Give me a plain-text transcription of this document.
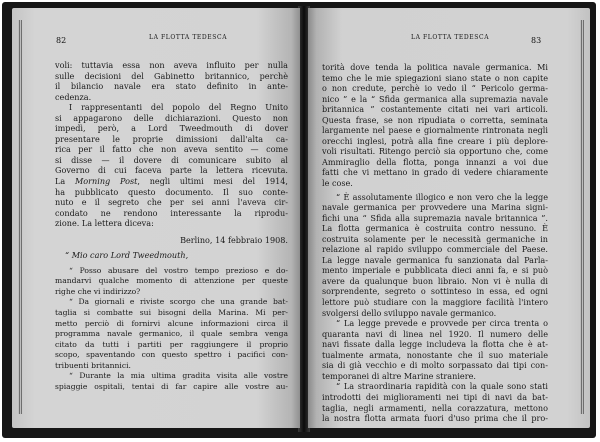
82	LA FLOTTA TEDESCA

voli: tuttavia essa non aveva influito per nulla

sulle decisioni del Gabinetto britannico, perchè

il bilancio navale era stato definito in ante-

cedenza.

I rappresentanti del popolo del Regno Unito

si appagarono delle dichiarazioni. Questo non

impedì, però, a Lord Tweedmouth di dover

presentare le proprie dimissioni dall'alta ca-

rica per il fatto che non aveva sentito — come

si disse — il dovere di comunicare subito al

Governo di cui faceva parte la lettera ricevuta.

La Morning Post, negli ultimi mesi del 1914,

ha pubblicato questo documento. Il suo conte-

nuto e il segreto che per sei anni l'aveva cir-

condato ne rendono interessante la riprodu-

zione. La lettera diceva:

Berlino, 14 febbraio 1908.

“ Mio caro Lord Tweedmouth,

“ Posso abusare del vostro tempo prezioso e do-

mandarvi qualche momento di attenzione per queste

righe che vi indirizzo?

“ Da giornali e riviste scorgo che una grande bat-

taglia si combatte sui bisogni della Marina. Mi per-

metto perciò di fornirvi alcune informazioni circa il

programma navale germanico, il quale sembra venga

citato da tutti i partiti per raggiungere il proprio

scopo, spaventando con questo spettro i pacifici con-

tribuenti britannici.

“ Durante la mia ultima gradita visita alle vostre

spiaggie ospitali, tentai di far capire alle vostre au-

LA FLOTTA TEDESCA	83

torità dove tenda la politica navale germanica. Mi

temo che le mie spiegazioni siano state o non capite

o non credute, perchè io vedo il “ Pericolo germa-

nico ” e la “ Sfida germanica alla supremazia navale

britannica ” costantemente citati nei vari articoli.

Questa frase, se non ripudiata o corretta, seminata

largamente nel paese e giornalmente rintronata negli

orecchi inglesi, potrà alla fine creare i più deplore-

voli risultati. Ritengo perciò sia opportuno che, come

Ammiraglio della flotta, ponga innanzi a voi due

fatti che vi mettano in grado di vedere chiaramente

le cose.

“ È assolutamente illogico e non vero che la legge

navale germanica per provvedere una Marina signi-

fichi una “ Sfida alla supremazia navale britannica ”.

La flotta germanica è costruita contro nessuno. È

costruita solamente per le necessità germaniche in

relazione al rapido sviluppo commerciale del Paese.

La legge navale germanica fu sanzionata dal Parla-

mento imperiale e pubblicata dieci anni fa, e si può

avere da qualunque buon libraio. Non vi è nulla di

sorprendente, segreto o sottinteso in essa, ed ogni

lettore può studiare con la maggiore facilità l'intero

svolgersi dello sviluppo navale germanico.

“ La legge prevede e provvede per circa trenta o

quaranta navi di linea nel 1920. Il numero delle

navi fissate dalla legge includeva la flotta che è at-

tualmente armata, nonostante che il suo materiale

sia di già vecchio e di molto sorpassato dai tipi con-

temporanei di altre Marine straniere.

“ La straordinaria rapidità con la quale sono stati

introdotti dei miglioramenti nei tipi di navi da bat-

taglia, negli armamenti, nella corazzatura, mettono

la nostra flotta armata fuori d'uso prima che il pro-
